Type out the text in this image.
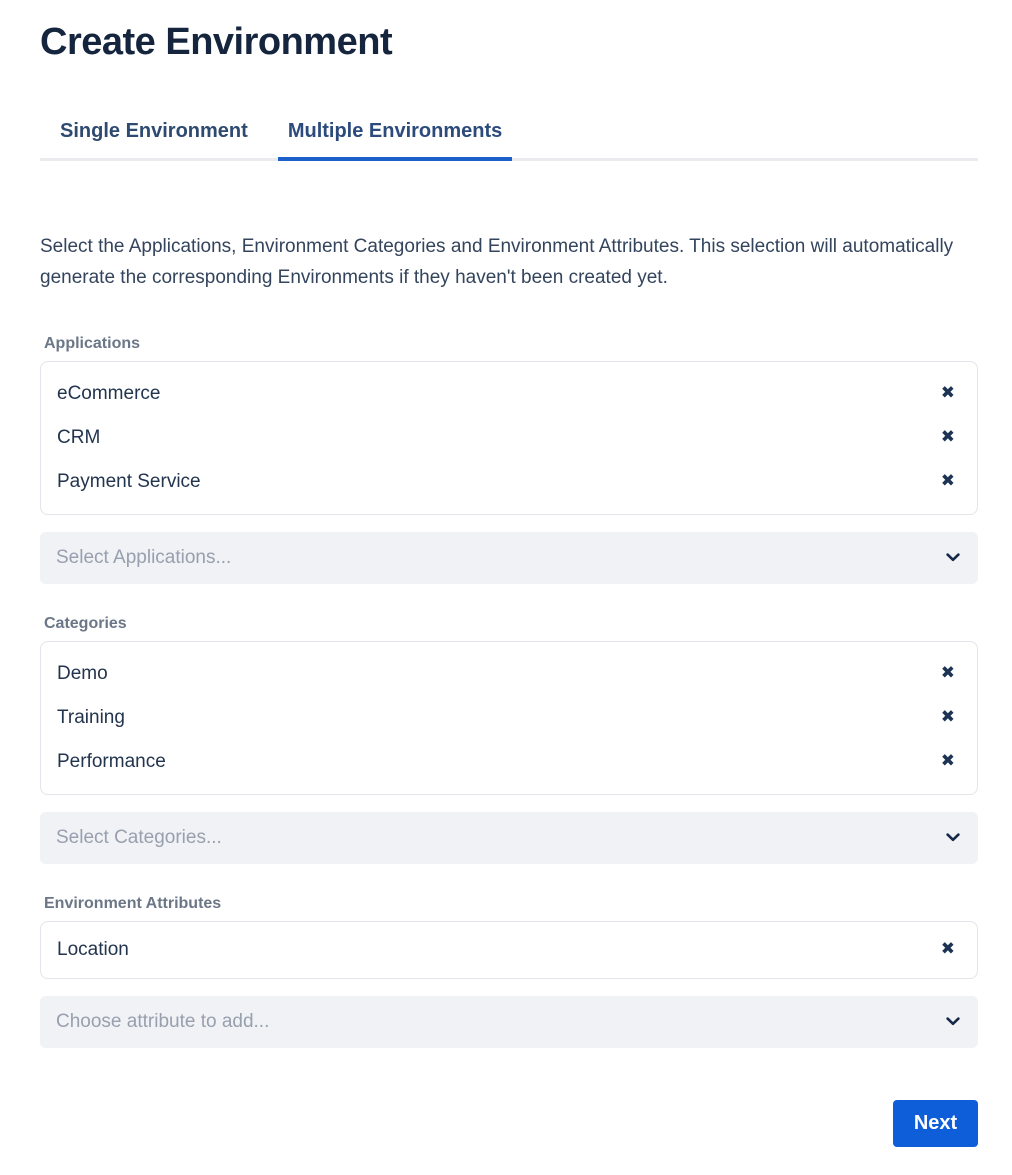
Create Environment
Single Environment	Multiple Environments

Select the Applications, Environment Categories and Environment Attributes. This selection will automatically generate the corresponding Environments if they haven't been created yet.

Applications
eCommerce	✖
CRM	✖
Payment Service	✖
Select Applications...
Categories
Demo	✖
Training	✖
Performance	✖
Select Categories...
Environment Attributes
Location	✖
Choose attribute to add...
Next
